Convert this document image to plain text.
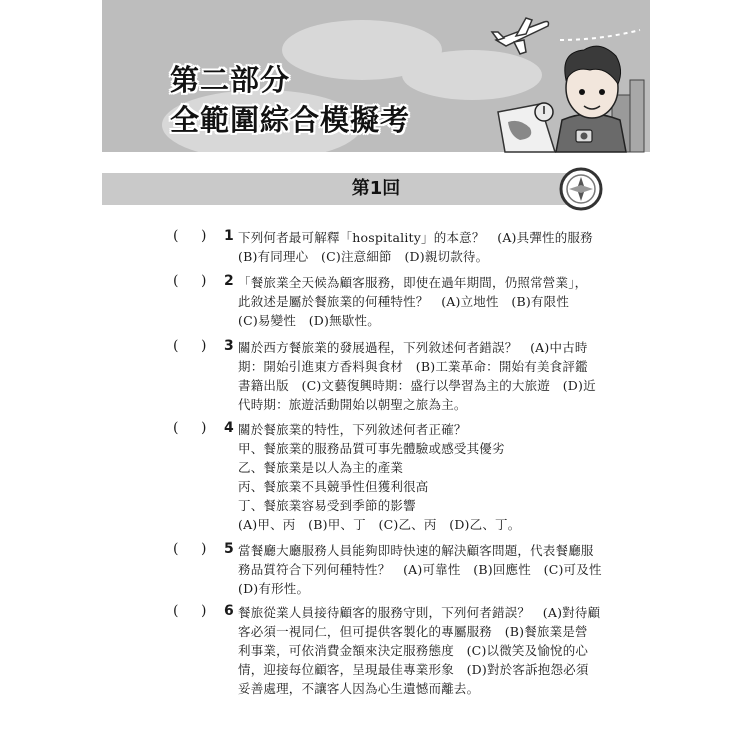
第二部分
全範圍綜合模擬考
第1回
( ) 1 下列何者最可解釋「hospitality」的本意？　(A)具彈性的服務
(B)有同理心　(C)注意細節　(D)親切款待。
( ) 2 「餐旅業全天候為顧客服務，即使在過年期間，仍照常營業」，
此敘述是屬於餐旅業的何種特性？　(A)立地性　(B)有限性
(C)易變性　(D)無歇性。
( ) 3 關於西方餐旅業的發展過程，下列敘述何者錯誤？　(A)中古時
期：開始引進東方香料與食材　(B)工業革命：開始有美食評鑑
書籍出版　(C)文藝復興時期：盛行以學習為主的大旅遊　(D)近
代時期：旅遊活動開始以朝聖之旅為主。
( ) 4 關於餐旅業的特性，下列敘述何者正確？
甲、餐旅業的服務品質可事先體驗或感受其優劣
乙、餐旅業是以人為主的產業
丙、餐旅業不具競爭性但獲利很高
丁、餐旅業容易受到季節的影響
(A)甲、丙　(B)甲、丁　(C)乙、丙　(D)乙、丁。
( ) 5 當餐廳大廳服務人員能夠即時快速的解決顧客問題，代表餐廳服
務品質符合下列何種特性？　(A)可靠性　(B)回應性　(C)可及性
(D)有形性。
( ) 6 餐旅從業人員接待顧客的服務守則，下列何者錯誤？　(A)對待顧
客必須一視同仁，但可提供客製化的專屬服務　(B)餐旅業是營
利事業，可依消費金額來決定服務態度　(C)以微笑及愉悅的心
情，迎接每位顧客，呈現最佳專業形象　(D)對於客訴抱怨必須
妥善處理，不讓客人因為心生遺憾而離去。
